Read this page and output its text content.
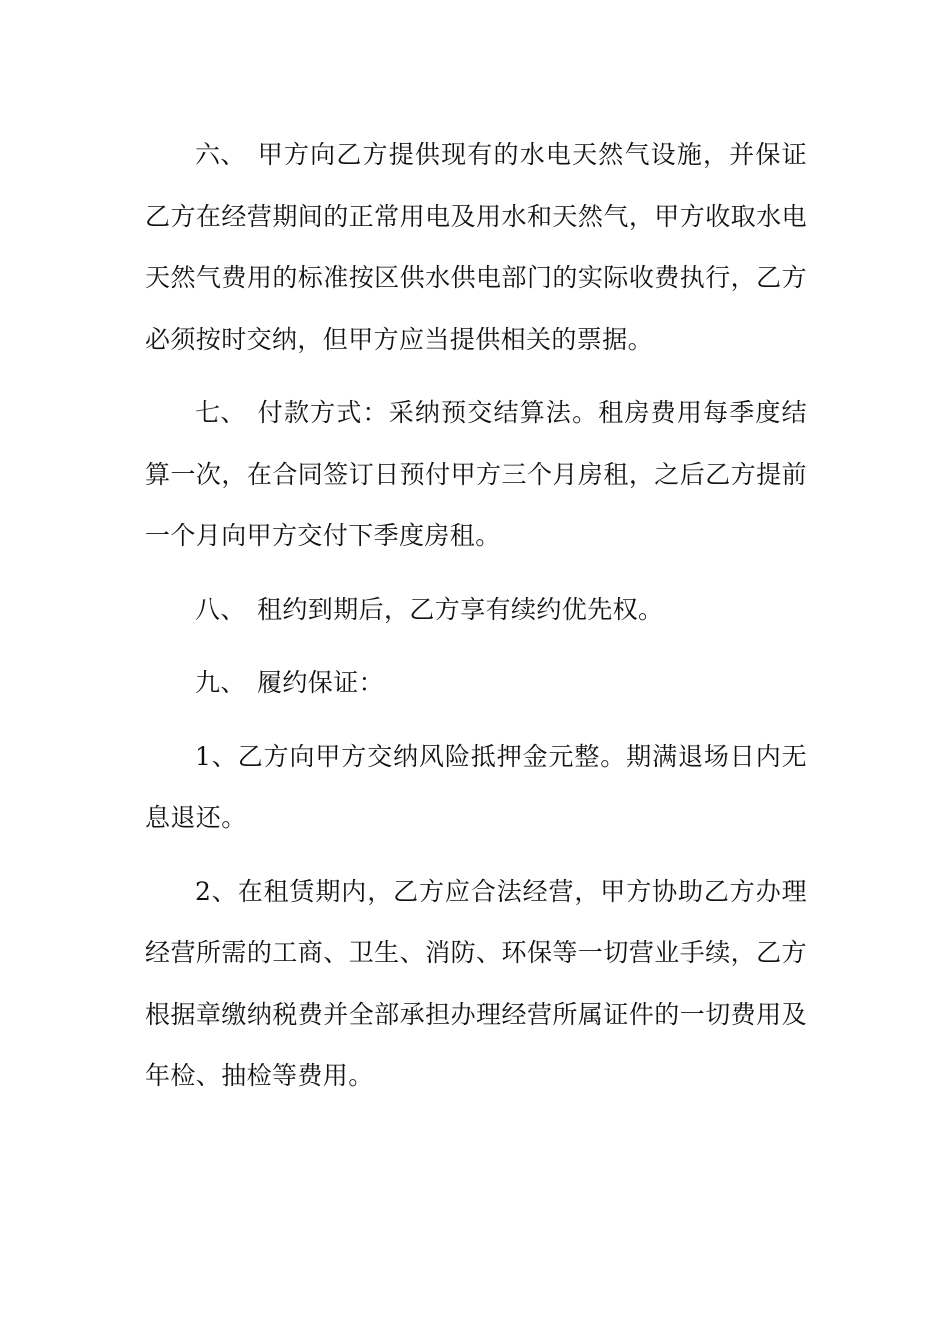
六、 甲方向乙方提供现有的水电天然气设施，并保证乙方在经营期间的正常用电及用水和天然气，甲方收取水电天然气费用的标准按区供水供电部门的实际收费执行，乙方必须按时交纳，但甲方应当提供相关的票据。

七、 付款方式：采纳预交结算法。租房费用每季度结算一次，在合同签订日预付甲方三个月房租，之后乙方提前一个月向甲方交付下季度房租。

八、 租约到期后，乙方享有续约优先权。

九、 履约保证：

1、乙方向甲方交纳风险抵押金元整。期满退场日内无息退还。

2、在租赁期内，乙方应合法经营，甲方协助乙方办理经营所需的工商、卫生、消防、环保等一切营业手续，乙方根据章缴纳税费并全部承担办理经营所属证件的一切费用及年检、抽检等费用。
